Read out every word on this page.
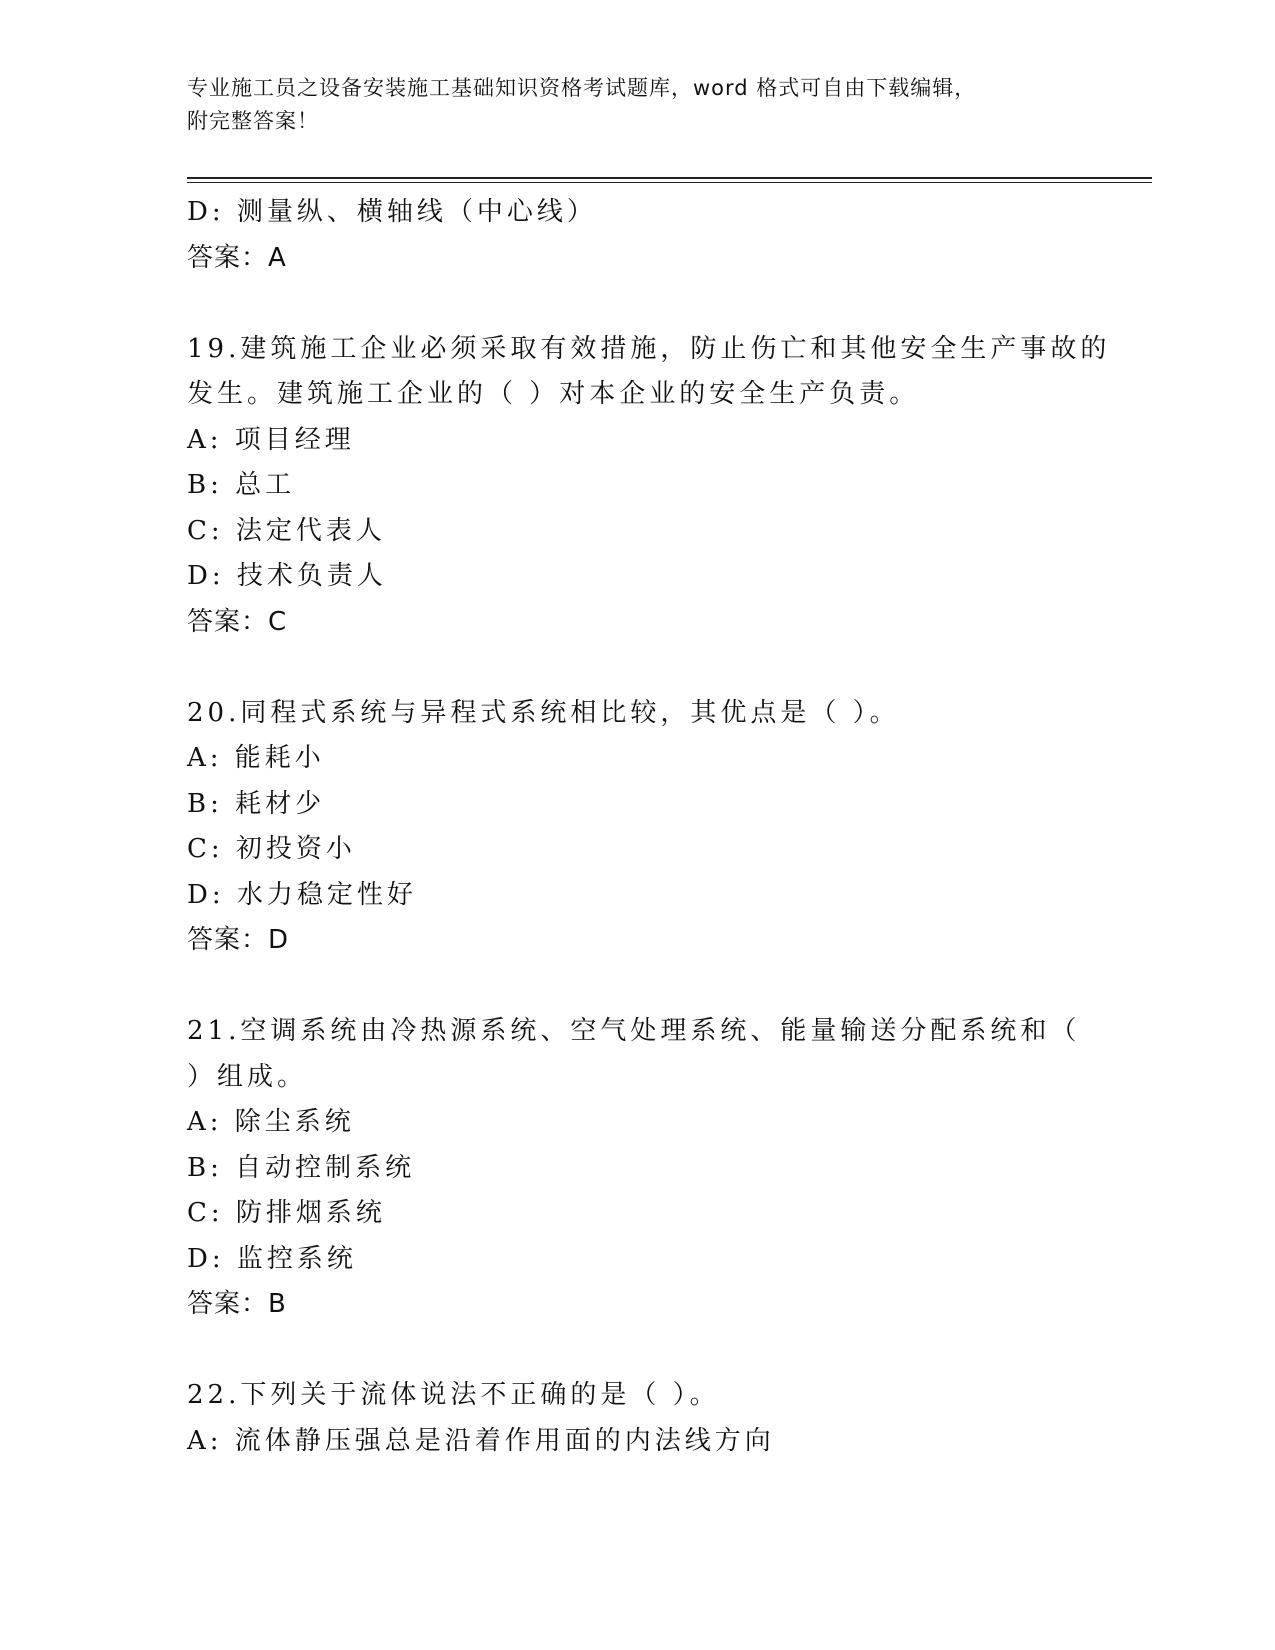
专业施工员之设备安装施工基础知识资格考试题库，word 格式可自由下载编辑，
附完整答案！
D: 测量纵、横轴线（中心线）
答案：A
19.建筑施工企业必须采取有效措施，防止伤亡和其他安全生产事故的
发生。建筑施工企业的（ ）对本企业的安全生产负责。
A: 项目经理
B: 总工
C: 法定代表人
D: 技术负责人
答案：C
20.同程式系统与异程式系统相比较，其优点是（ ）。
A: 能耗小
B: 耗材少
C: 初投资小
D: 水力稳定性好
答案：D
21.空调系统由冷热源系统、空气处理系统、能量输送分配系统和（
）组成。
A: 除尘系统
B: 自动控制系统
C: 防排烟系统
D: 监控系统
答案：B
22.下列关于流体说法不正确的是（ ）。
A: 流体静压强总是沿着作用面的内法线方向
